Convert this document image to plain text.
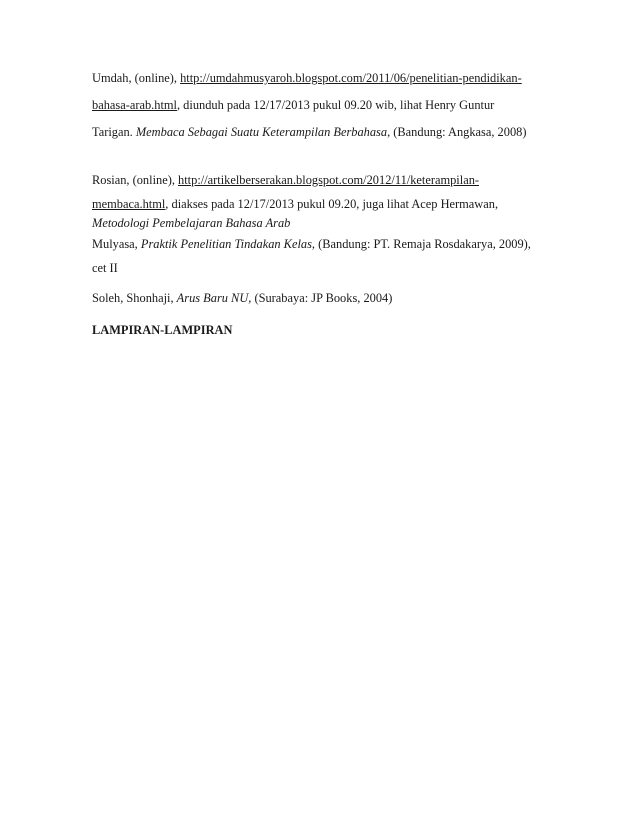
Umdah, (online), http://umdahmusyaroh.blogspot.com/2011/06/penelitian-pendidikan-
bahasa-arab.html, diunduh pada 12/17/2013 pukul 09.20 wib, lihat Henry Guntur
Tarigan. Membaca Sebagai Suatu Keterampilan Berbahasa, (Bandung: Angkasa, 2008)
Rosian, (online), http://artikelberserakan.blogspot.com/2012/11/keterampilan-
membaca.html, diakses pada 12/17/2013 pukul 09.20, juga lihat Acep Hermawan,
Metodologi Pembelajaran Bahasa Arab
Mulyasa, Praktik Penelitian Tindakan Kelas, (Bandung: PT. Remaja Rosdakarya, 2009),
cet II
Soleh, Shonhaji, Arus Baru NU, (Surabaya: JP Books, 2004)
LAMPIRAN-LAMPIRAN
